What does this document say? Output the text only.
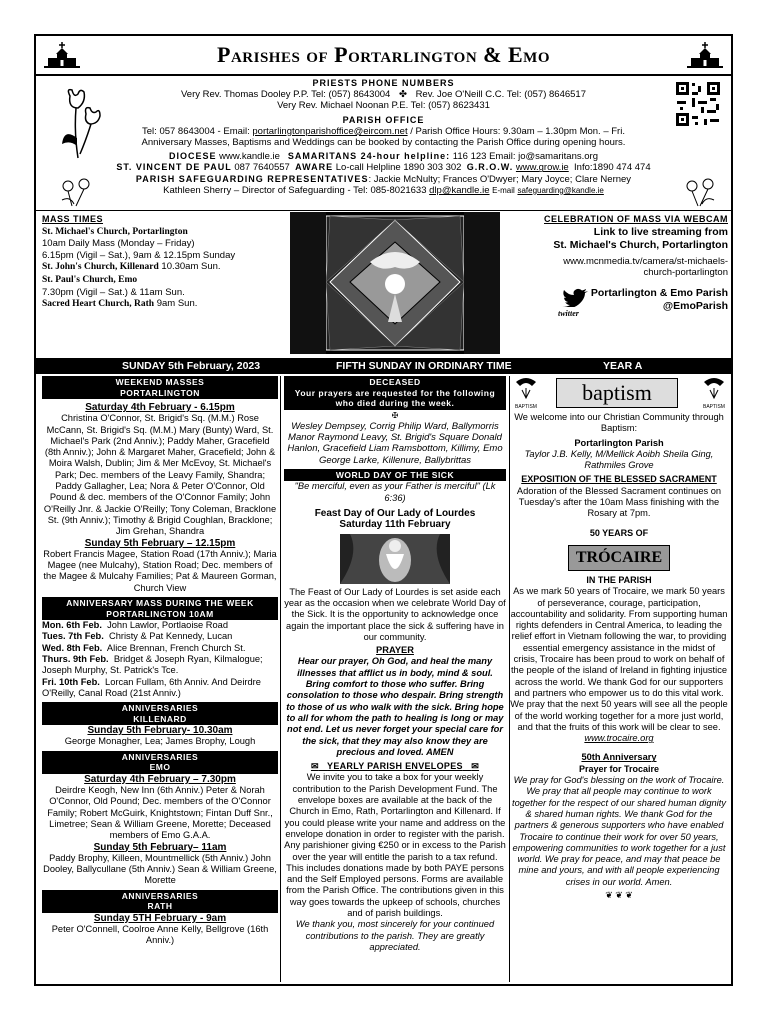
Parishes of Portarlington & Emo
PRIESTS PHONE NUMBERS
Very Rev. Thomas Dooley P.P. Tel: (057) 8643004 ✤ Rev. Joe O'Neill C.C. Tel: (057) 8646517
Very Rev. Michael Noonan P.E. Tel: (057) 8623431
PARISH OFFICE
Tel: 057 8643004 - Email: portarlingtonparishoffice@eircom.net / Parish Office Hours: 9.30am – 1.30pm Mon. – Fri.
Anniversary Masses, Baptisms and Weddings can be booked by contacting the Parish Office during opening hours.
DIOCESE www.kandle.ie SAMARITANS 24-hour helpline: 116 123 Email: jo@samaritans.org
ST. VINCENT DE PAUL 087 7640557 AWARE Lo-call Helpline 1890 303 302 G.R.O.W. www.grow.ie Info:1890 474 474
PARISH SAFEGUARDING REPRESENTATIVES: Jackie McNulty; Frances O'Dwyer; Mary Joyce; Clare Nerney
Kathleen Sherry – Director of Safeguarding - Tel: 085-8021633 dlp@kandle.ie E-mail safeguarding@kandle.ie
MASS TIMES
St. Michael's Church, Portarlington
10am Daily Mass (Monday – Friday)
6.15pm (Vigil – Sat.), 9am & 12.15pm Sunday
St. John's Church, Killenard 10.30am Sun.
St. Paul's Church, Emo
7.30pm (Vigil – Sat.) & 11am Sun.
Sacred Heart Church, Rath 9am Sun.
CELEBRATION OF MASS VIA WEBCAM
Link to live streaming from
St. Michael's Church, Portarlington
www.mcnmedia.tv/camera/st-michaels-
church-portarlington
twitter
Portarlington & Emo Parish
@EmoParish
SUNDAY 5th February, 2023	FIFTH SUNDAY IN ORDINARY TIME	YEAR A
WEEKEND MASSES
PORTARLINGTON
Saturday 4th February - 6.15pm
Christina O'Connor, St. Brigid's Sq. (M.M.) Rose McCann, St. Brigid's Sq. (M.M.) Mary (Bunty) Ward, St. Michael's Park (2nd Anniv.); Paddy Maher, Gracefield (8th Anniv.); John & Margaret Maher, Gracefield; John & Moira Walsh, Dublin; Jim & Mer McEvoy, St. Michael's Park; Dec. members of the Leavy Family, Shandra; Paddy Gallagher, Lea; Nora & Peter O'Connor, Old Pound & dec. members of the O'Connor Family; John O'Reilly Jnr. & Jackie O'Reilly; Tony Coleman, Bracklone St. (9th Anniv.); Timothy & Brigid Coughlan, Bracklone; Jim Grehan, Shandra
Sunday 5th February – 12.15pm
Robert Francis Magee, Station Road (17th Anniv.); Maria Magee (nee Mulcahy), Station Road; Dec. members of the Magee & Mulcahy Families; Pat & Maureen Gorman, Church View
ANNIVERSARY MASS DURING THE WEEK
PORTARLINGTON 10AM
Mon. 6th Feb. John Lawlor, Portlaoise Road
Tues. 7th Feb. Christy & Pat Kennedy, Lucan
Wed. 8th Feb. Alice Brennan, French Church St.
Thurs. 9th Feb. Bridget & Joseph Ryan, Kilmalogue; Joseph Murphy, St. Patrick's Tce.
Fri. 10th Feb. Lorcan Fullam, 6th Anniv. And Deirdre O'Reilly, Canal Road (21st Anniv.)
ANNIVERSARIES
KILLENARD
Sunday 5th February- 10.30am
George Monagher, Lea; James Brophy, Lough
ANNIVERSARIES
EMO
Saturday 4th February – 7.30pm
Deirdre Keogh, New Inn (6th Anniv.) Peter & Norah O'Connor, Old Pound; Dec. members of the O'Connor Family; Robert McGuirk, Knightstown; Fintan Duff Snr., Limetree; Sean & William Greene, Morette; Deceased members of Emo G.A.A.
Sunday 5th February– 11am
Paddy Brophy, Killeen, Mountmellick (5th Anniv.) John Dooley, Ballycullane (5th Anniv.) Sean & William Greene, Morette
ANNIVERSARIES
RATH
Sunday 5TH February - 9am
Peter O'Connell, Coolroe Anne Kelly, Bellgrove (16th Anniv.)
DECEASED
Your prayers are requested for the following who died during the week.
✠
Wesley Dempsey, Corrig Philip Ward, Ballymorris Manor Raymond Leavy, St. Brigid's Square Donald Hanlon, Gracefield Liam Ramsbottom, Killimy, Emo George Larke, Killenure, Ballybrittas
WORLD DAY OF THE SICK
"Be merciful, even as your Father is merciful" (Lk 6:36)
Feast Day of Our Lady of Lourdes
Saturday 11th February
The Feast of Our Lady of Lourdes is set aside each year as the occasion when we celebrate World Day of the Sick. It is the opportunity to acknowledge once again the important place the sick & suffering have in our community.
PRAYER
Hear our prayer, Oh God, and heal the many illnesses that afflict us in body, mind & soul. Bring comfort to those who suffer. Bring consolation to those who despair. Bring strength to those of us who walk with the sick. Bring hope to all for whom the path to healing is long or may not end. Let us never forget your special care for the sick, that they may also know they are precious and loved. AMEN
✉ YEARLY PARISH ENVELOPES ✉
We invite you to take a box for your weekly contribution to the Parish Development Fund. The envelope boxes are available at the back of the Church in Emo, Rath, Portarlington and Killenard. If you could please write your name and address on the envelope donation in order to register with the parish. Any parishioner giving €250 or in excess to the Parish over the year will entitle the parish to a tax refund. This includes donations made by both PAYE persons and the Self Employed persons. Forms are available from the Parish Office. The contributions given in this way goes towards the upkeep of schools, churches and of parish buildings.
We thank you, most sincerely for your continued contributions to the parish. They are greatly appreciated.
BAPTISM
baptism
BAPTISM
We welcome into our Christian Community through Baptism:
Portarlington Parish
Taylor J.B. Kelly, M/Mellick Aoibh Sheila Ging, Rathmiles Grove
EXPOSITION OF THE BLESSED SACRAMENT
Adoration of the Blessed Sacrament continues on Tuesday's after the 10am Mass finishing with the Rosary at 7pm.
50 YEARS OF
TRÓCAIRE
IN THE PARISH
As we mark 50 years of Trocaire, we mark 50 years of perseverance, courage, participation, accountability and solidarity. From supporting human rights defenders in Central America, to leading the relief effort in Vietnam following the war, to providing essential emergency assistance in the midst of crisis, Trocaire has been proud to work on behalf of the people of the island of Ireland in fighting injustice across the world. We thank God for our supporters and partners who empower us to do this vital work. We pray that the next 50 years will see all the people of the world working together for a more just world, and that the fruits of this work will be clear to see.
www.trocaire.org
50th Anniversary
Prayer for Trocaire
We pray for God's blessing on the work of Trocaire. We pray that all people may continue to work together for the respect of our shared human dignity & shared human rights. We thank God for the partners & generous supporters who have enabled Trocaire to continue their work for over 50 years, empowering communities to work together for a just world. We pray for peace, and may that peace be mine and yours, and with all people experiencing crises in our world. Amen.
❦ ❦ ❦
